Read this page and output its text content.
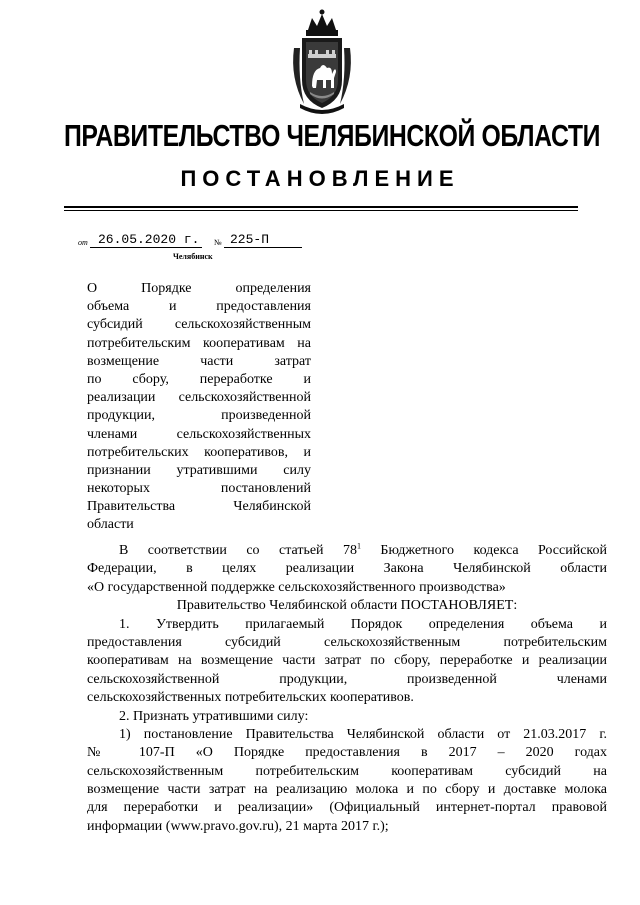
ПРАВИТЕЛЬСТВО ЧЕЛЯБИНСКОЙ ОБЛАСТИ
ПОСТАНОВЛЕНИЕ
от 26.05.2020 г. № 225-П
Челябинск
О Порядке определения
объема и предоставления
субсидий сельскохозяйственным
потребительским кооперативам на
возмещение части затрат
по сбору, переработке и
реализации сельскохозяйственной
продукции, произведенной
членами сельскохозяйственных
потребительских кооперативов, и
признании утратившими силу
некоторых постановлений
Правительства Челябинской
области
В соответствии со статьей $78^1$ Бюджетного кодекса Российской
Федерации, в целях реализации Закона Челябинской области
«О государственной поддержке сельскохозяйственного производства»
Правительство Челябинской области ПОСТАНОВЛЯЕТ:
1. Утвердить прилагаемый Порядок определения объема и
предоставления субсидий сельскохозяйственным потребительским
кооперативам на возмещение части затрат по сбору, переработке и реализации
сельскохозяйственной продукции, произведенной членами
сельскохозяйственных потребительских кооперативов.
2. Признать утратившими силу:
1) постановление Правительства Челябинской области от 21.03.2017 г.
№ 107-П «О Порядке предоставления в 2017 – 2020 годах
сельскохозяйственным потребительским кооперативам субсидий на
возмещение части затрат на реализацию молока и по сбору и доставке молока
для переработки и реализации» (Официальный интернет-портал правовой
информации (www.pravo.gov.ru), 21 марта 2017 г.);
